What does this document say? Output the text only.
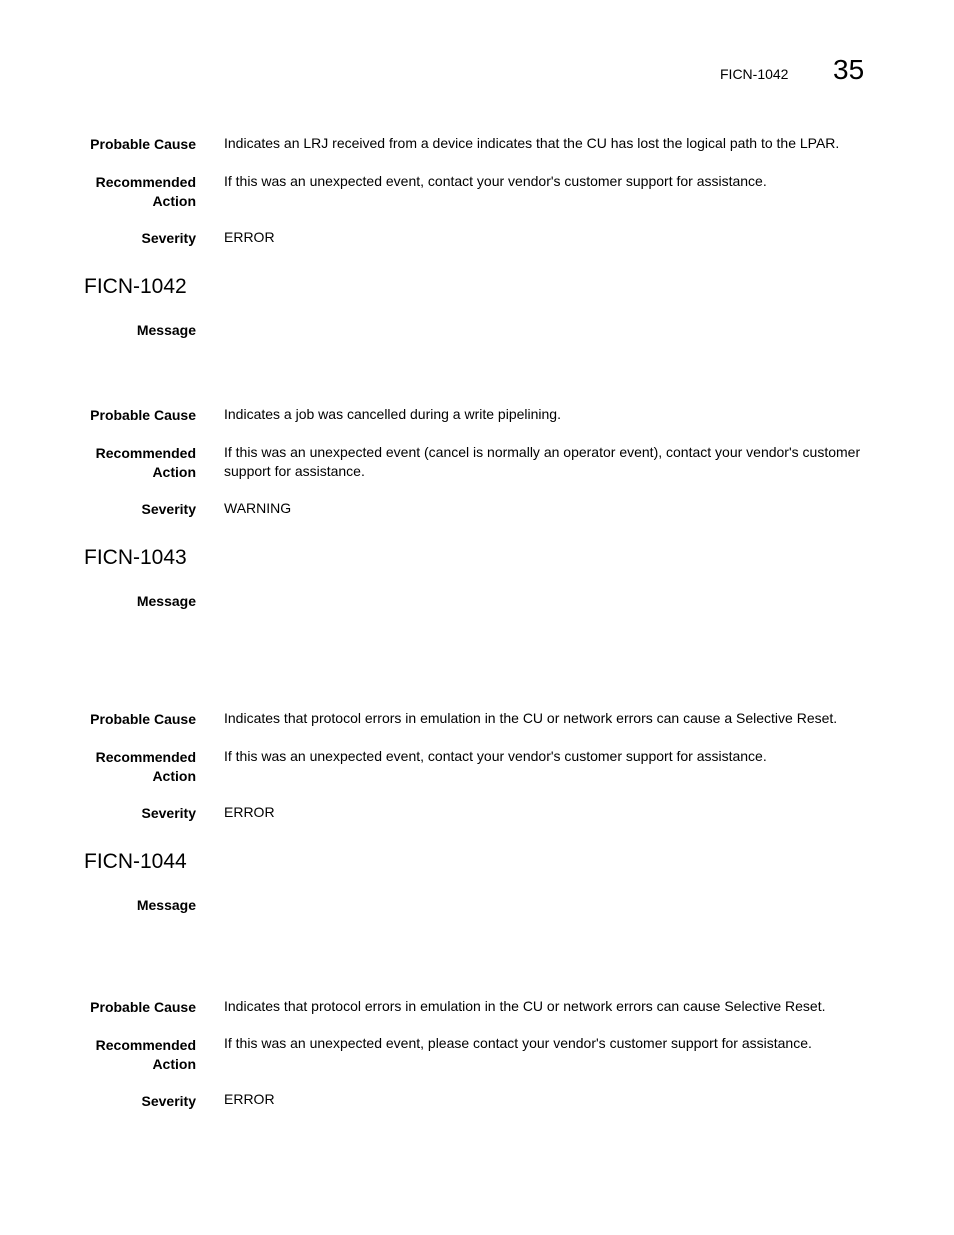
FICN-1042 35
Probable Cause Indicates an LRJ received from a device indicates that the CU has lost the logical path to the LPAR.
Recommended
Action
If this was an unexpected event, contact your vendor's customer support for assistance.
Severity ERROR
FICN-1042
Message
Probable Cause Indicates a job was cancelled during a write pipelining.
Recommended
Action
If this was an unexpected event (cancel is normally an operator event), contact your vendor's customer support for assistance.
Severity WARNING
FICN-1043
Message
Probable Cause Indicates that protocol errors in emulation in the CU or network errors can cause a Selective Reset.
Recommended
Action
If this was an unexpected event, contact your vendor's customer support for assistance.
Severity ERROR
FICN-1044
Message
Probable Cause Indicates that protocol errors in emulation in the CU or network errors can cause Selective Reset.
Recommended
Action
If this was an unexpected event, please contact your vendor's customer support for assistance.
Severity ERROR
